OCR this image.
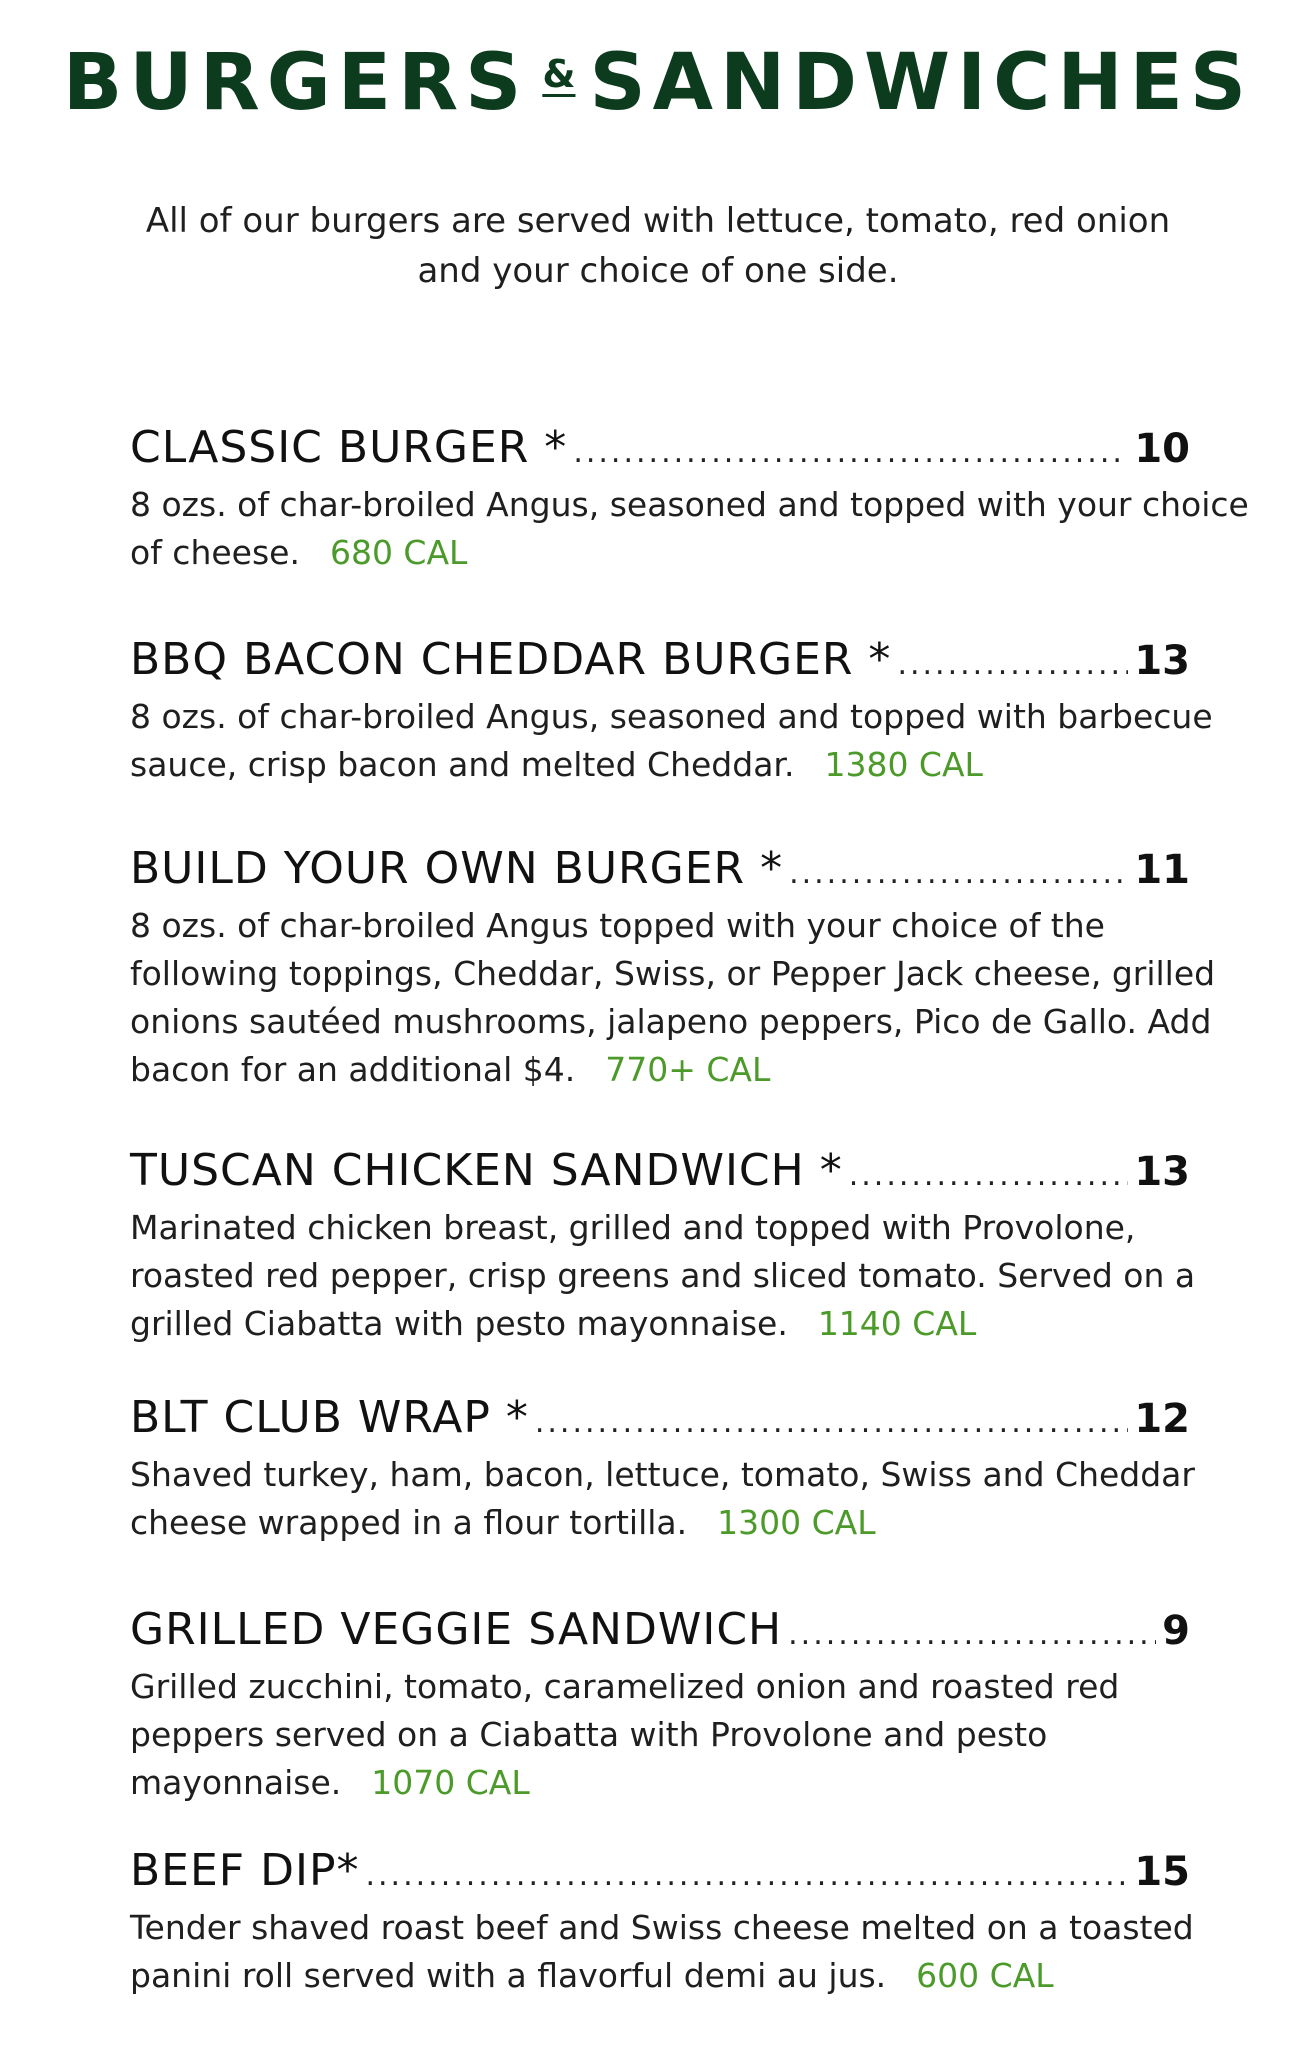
BURGERS & SANDWICHES
All of our burgers are served with lettuce, tomato, red onion and your choice of one side.
CLASSIC BURGER * .....	10
8 ozs. of char-broiled Angus, seasoned and topped with your choice of cheese. 680 CAL
BBQ BACON CHEDDAR BURGER * .....	13
8 ozs. of char-broiled Angus, seasoned and topped with barbecue sauce, crisp bacon and melted Cheddar. 1380 CAL
BUILD YOUR OWN BURGER * .....	11
8 ozs. of char-broiled Angus topped with your choice of the following toppings, Cheddar, Swiss, or Pepper Jack cheese, grilled onions sautéed mushrooms, jalapeno peppers, Pico de Gallo. Add bacon for an additional $4. 770+ CAL
TUSCAN CHICKEN SANDWICH * .....	13
Marinated chicken breast, grilled and topped with Provolone, roasted red pepper, crisp greens and sliced tomato. Served on a grilled Ciabatta with pesto mayonnaise. 1140 CAL
BLT CLUB WRAP * .....	12
Shaved turkey, ham, bacon, lettuce, tomato, Swiss and Cheddar cheese wrapped in a flour tortilla. 1300 CAL
GRILLED VEGGIE SANDWICH .....	9
Grilled zucchini, tomato, caramelized onion and roasted red peppers served on a Ciabatta with Provolone and pesto mayonnaise. 1070 CAL
BEEF DIP* .....	15
Tender shaved roast beef and Swiss cheese melted on a toasted panini roll served with a flavorful demi au jus. 600 CAL
